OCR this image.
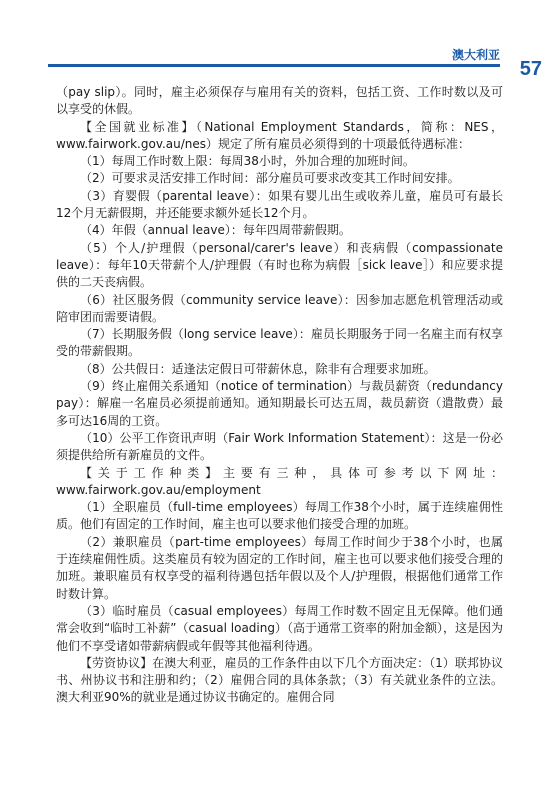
澳大利亚
57

（pay slip）。同时，雇主必须保存与雇用有关的资料，包括工资、工作时数以及可以享受的休假。

【全国就业标准】（National Employment Standards，简称：NES，www.fairwork.gov.au/nes）规定了所有雇员必须得到的十项最低待遇标准：

（1）每周工作时数上限：每周38小时，外加合理的加班时间。

（2）可要求灵活安排工作时间：部分雇员可要求改变其工作时间安排。

（3）育婴假（parental leave）：如果有婴儿出生或收养儿童，雇员可有最长12个月无薪假期，并还能要求额外延长12个月。

（4）年假（annual leave）：每年四周带薪假期。

（5）个人/护理假（personal/carer's leave）和丧病假（compassionate leave）：每年10天带薪个人/护理假（有时也称为病假［sick leave］）和应要求提供的二天丧病假。

（6）社区服务假（community service leave）：因参加志愿危机管理活动或陪审团而需要请假。

（7）长期服务假（long service leave）：雇员长期服务于同一名雇主而有权享受的带薪假期。

（8）公共假日：适逢法定假日可带薪休息，除非有合理要求加班。

（9）终止雇佣关系通知（notice of termination）与裁员薪资（redundancy pay）：解雇一名雇员必须提前通知。通知期最长可达五周，裁员薪资（遣散费）最多可达16周的工资。

（10）公平工作资讯声明（Fair Work Information Statement）：这是一份必须提供给所有新雇员的文件。

【关于工作种类】主要有三种，具体可参考以下网址：www.fairwork.gov.au/employment

（1）全职雇员（full-time employees）每周工作38个小时，属于连续雇佣性质。他们有固定的工作时间，雇主也可以要求他们接受合理的加班。

（2）兼职雇员（part-time employees）每周工作时间少于38个小时，也属于连续雇佣性质。这类雇员有较为固定的工作时间，雇主也可以要求他们接受合理的加班。兼职雇员有权享受的福利待遇包括年假以及个人/护理假，根据他们通常工作时数计算。

（3）临时雇员（casual employees）每周工作时数不固定且无保障。他们通常会收到“临时工补薪”（casual loading）（高于通常工资率的附加金额），这是因为他们不享受诸如带薪病假或年假等其他福利待遇。

【劳资协议】在澳大利亚，雇员的工作条件由以下几个方面决定：（1）联邦协议书、州协议书和注册和约；（2）雇佣合同的具体条款；（3）有关就业条件的立法。澳大利亚90%的就业是通过协议书确定的。雇佣合同
